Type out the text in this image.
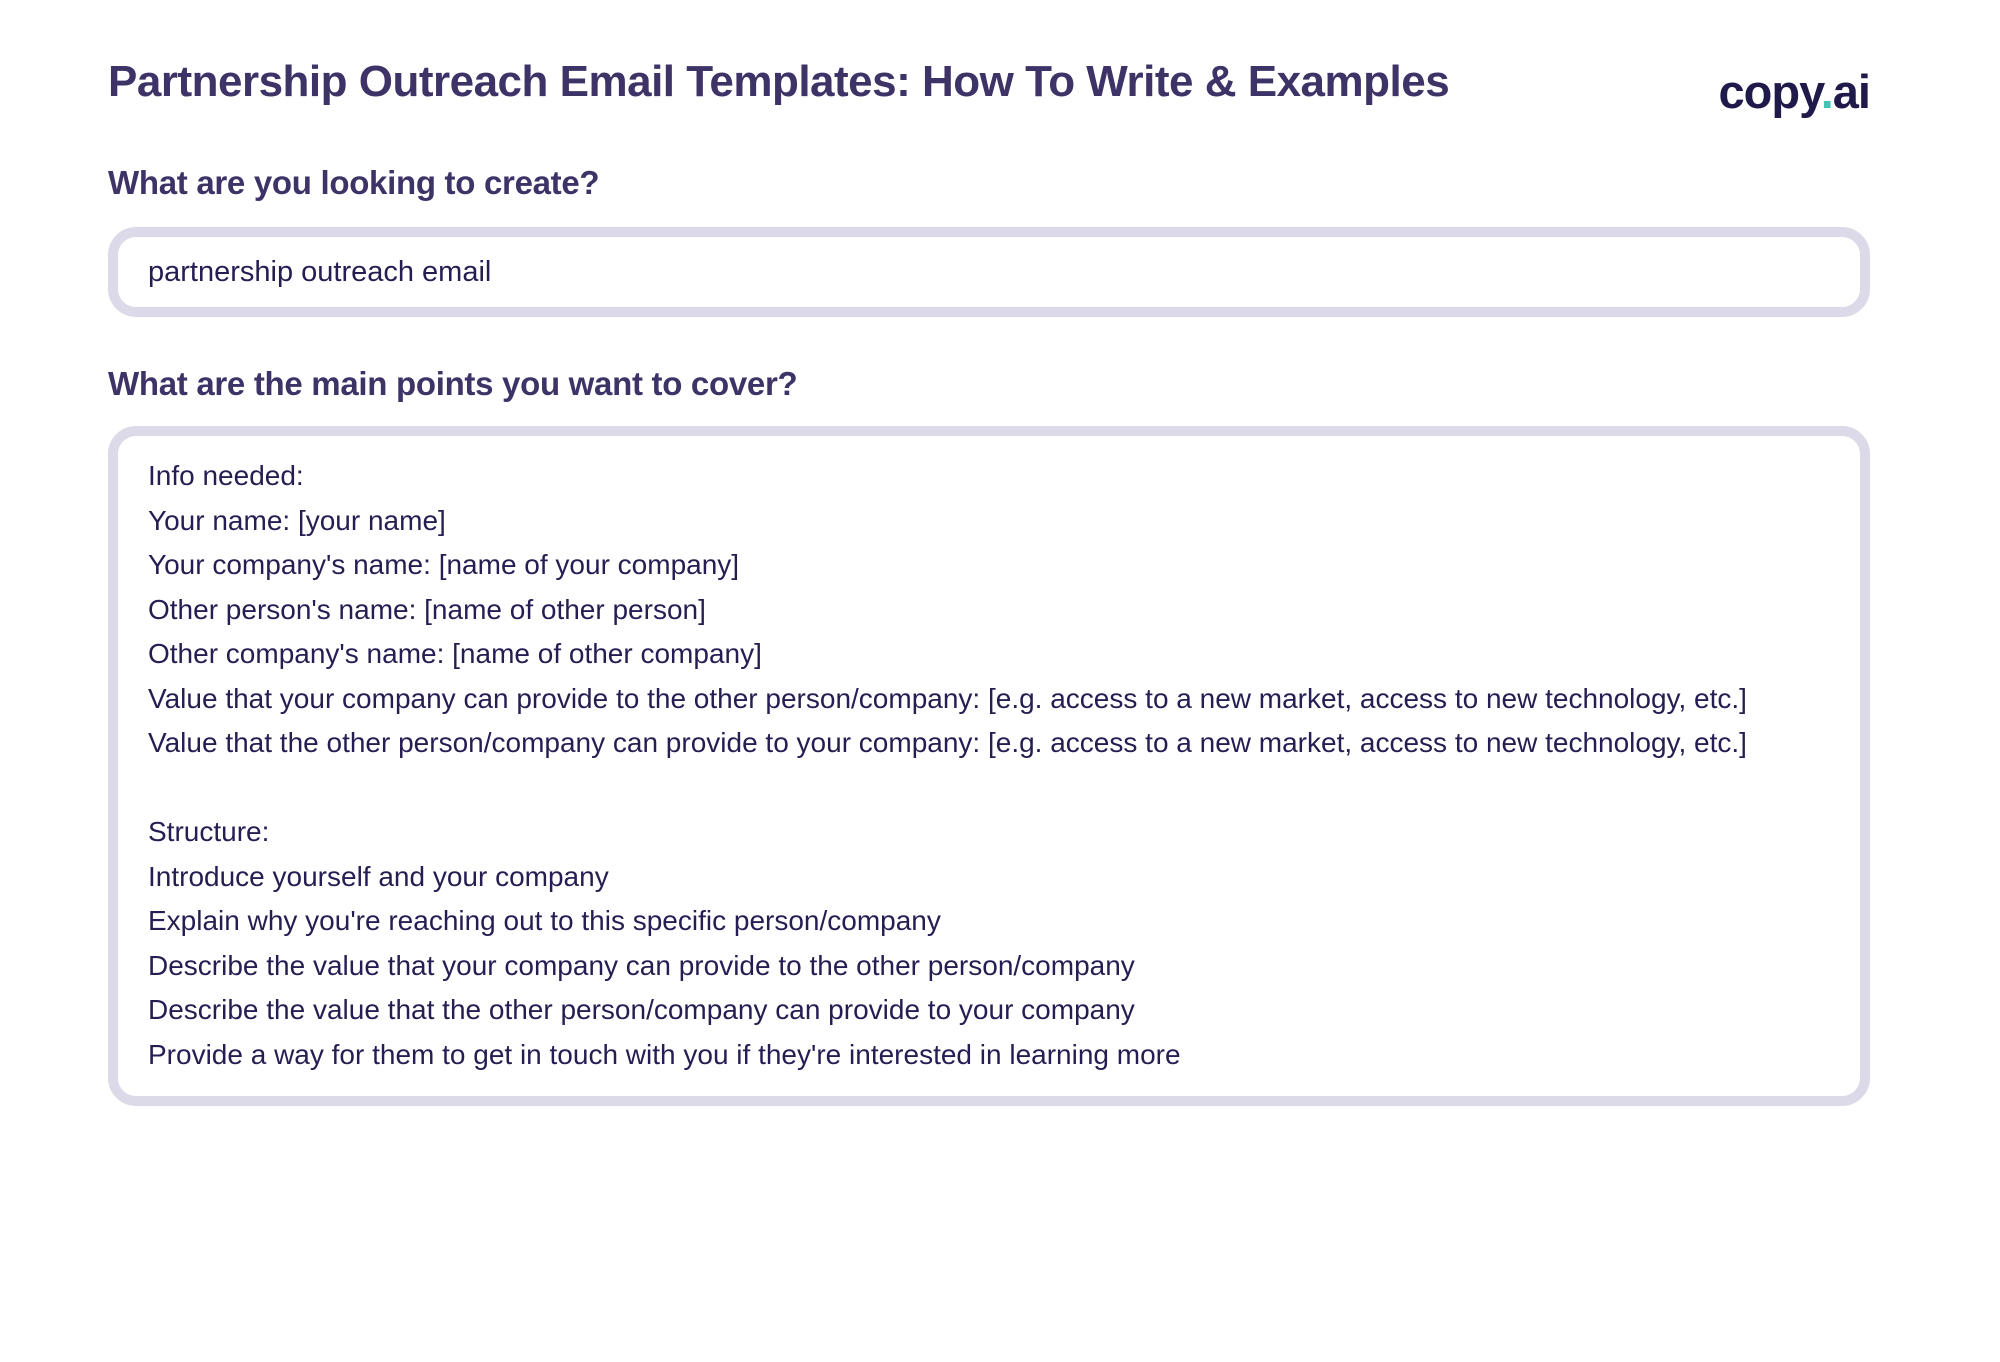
Partnership Outreach Email Templates: How To Write & Examples	copy.ai
What are you looking to create?
partnership outreach email
What are the main points you want to cover?
Info needed: Your name: [your name] Your company's name: [name of your company] Other person's name: [name of other person] Other company's name: [name of other company] Value that your company can provide to the other person/company: [e.g. access to a new market, access to new technology, etc.] Value that the other person/company can provide to your company: [e.g. access to a new market, access to new technology, etc.] Structure: Introduce yourself and your company Explain why you're reaching out to this specific person/company Describe the value that your company can provide to the other person/company Describe the value that the other person/company can provide to your company Provide a way for them to get in touch with you if they're interested in learning more
